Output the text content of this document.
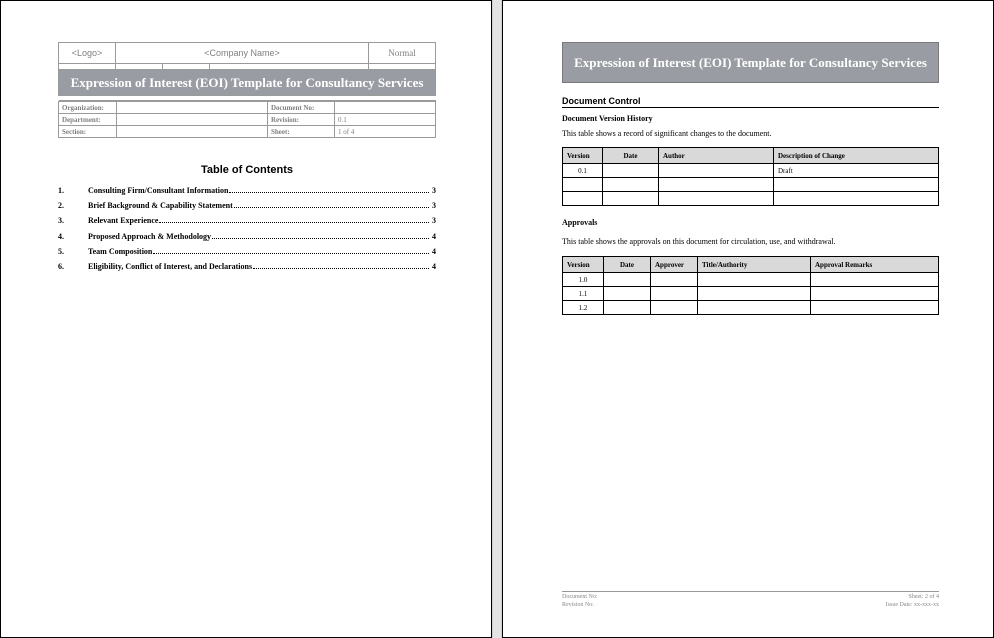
<Logo>	<Company Name>			Normal

Expression of Interest (EOI) Template for Consultancy Services				

Organization:		Document No:	
Department:		Revision:	0.1
Section:		Sheet:	1 of 4
Table of Contents
1.	Consulting Firm/Consultant Information	3
2.	Brief Background & Capability Statement	3
3.	Relevant Experience	3
4.	Proposed Approach & Methodology	4
5.	Team Composition	4
6.	Eligibility, Conflict of Interest, and Declarations	4
Expression of Interest (EOI) Template for Consultancy Services
Document Control
Document Version History
This table shows a record of significant changes to the document.
Version	Date	Author	Description of Change
0.1			Draft

Approvals
This table shows the approvals on this document for circulation, use, and withdrawal.
Version	Date	Approver	Title/Authority	Approval Remarks
1.0				
1.1				
1.2				
Document No:	Sheet: 2 of 4
Revision No:	Issue Date: xx-xxx-xx
